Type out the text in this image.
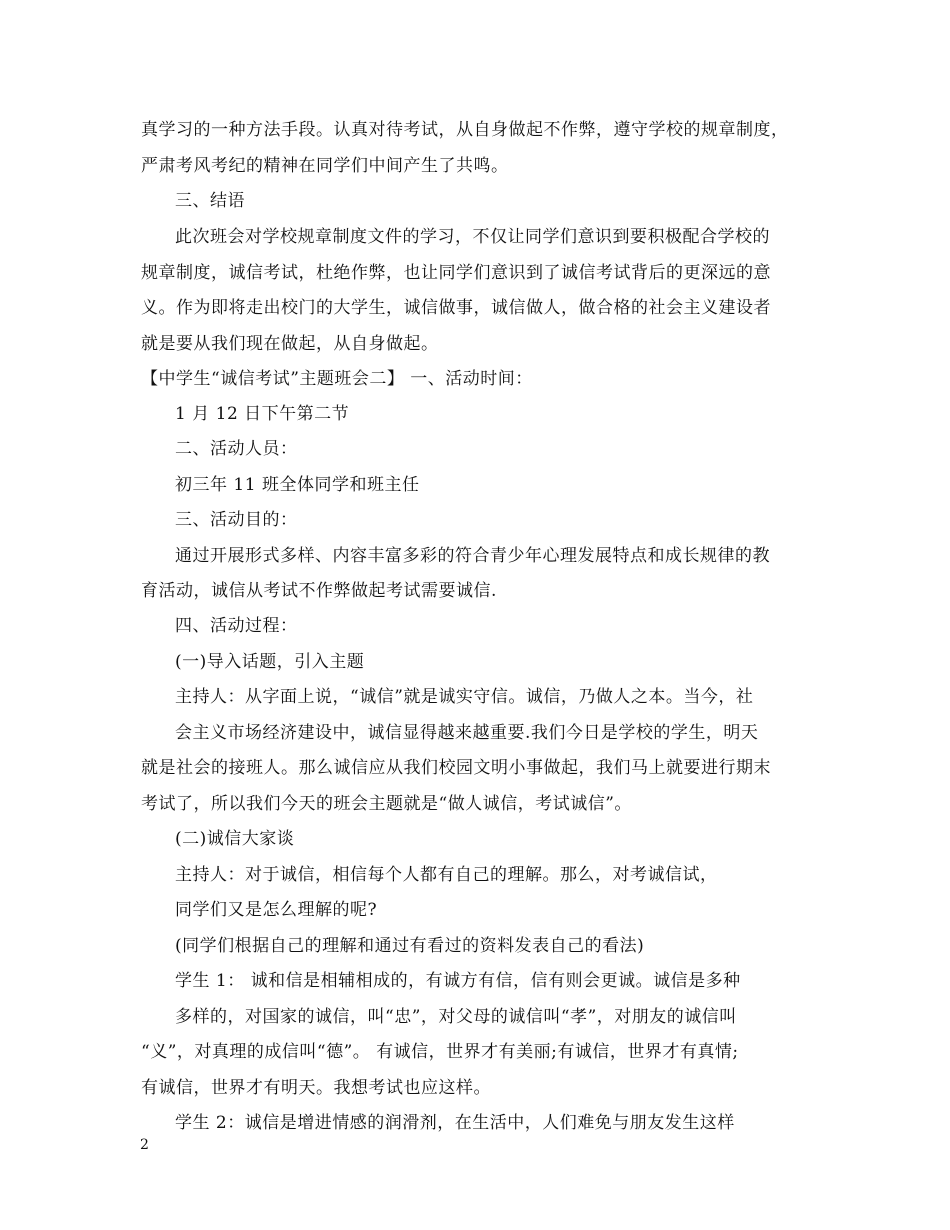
真学习的一种方法手段。认真对待考试，从自身做起不作弊，遵守学校的规章制度，
严肃考风考纪的精神在同学们中间产生了共鸣。
三、结语
此次班会对学校规章制度文件的学习，不仅让同学们意识到要积极配合学校的
规章制度，诚信考试，杜绝作弊，也让同学们意识到了诚信考试背后的更深远的意
义。作为即将走出校门的大学生，诚信做事，诚信做人，做合格的社会主义建设者
就是要从我们现在做起，从自身做起。
【中学生“诚信考试”主题班会二】 一、活动时间：
1 月 12 日下午第二节
二、活动人员：
初三年 11 班全体同学和班主任
三、活动目的：
通过开展形式多样、内容丰富多彩的符合青少年心理发展特点和成长规律的教
育活动，诚信从考试不作弊做起考试需要诚信.
四、活动过程：
(一)导入话题，引入主题
主持人：从字面上说，“诚信”就是诚实守信。诚信，乃做人之本。当今，社
会主义市场经济建设中，诚信显得越来越重要.我们今日是学校的学生，明天
就是社会的接班人。那么诚信应从我们校园文明小事做起，我们马上就要进行期末
考试了，所以我们今天的班会主题就是“做人诚信，考试诚信”。
(二)诚信大家谈
主持人：对于诚信，相信每个人都有自己的理解。那么，对考诚信试，
同学们又是怎么理解的呢?
(同学们根据自己的理解和通过有看过的资料发表自己的看法)
学生 1： 诚和信是相辅相成的，有诚方有信，信有则会更诚。诚信是多种
多样的，对国家的诚信，叫“忠”，对父母的诚信叫“孝”，对朋友的诚信叫
“义”，对真理的成信叫“德”。 有诚信，世界才有美丽;有诚信，世界才有真情;
有诚信，世界才有明天。我想考试也应这样。
学生 2：诚信是增进情感的润滑剂，在生活中，人们难免与朋友发生这样
2
